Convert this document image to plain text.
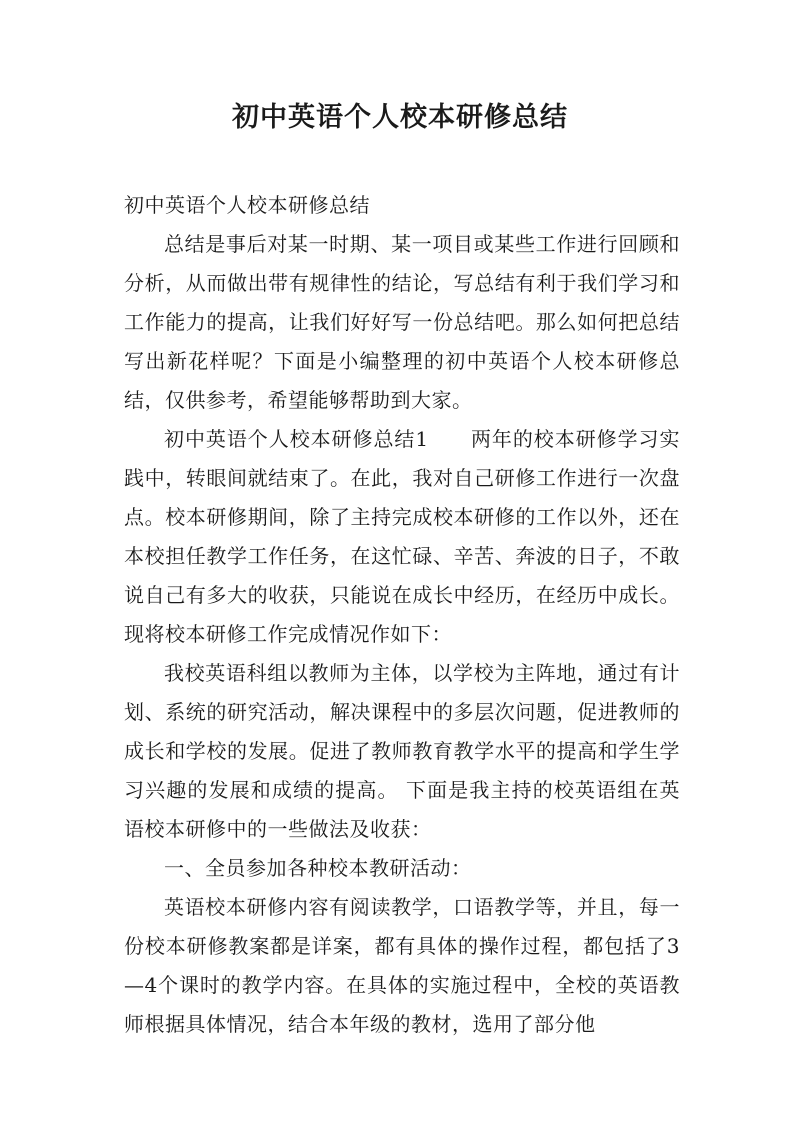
初中英语个人校本研修总结

初中英语个人校本研修总结

总结是事后对某一时期、某一项目或某些工作进行回顾和分析，从而做出带有规律性的结论，写总结有利于我们学习和工作能力的提高，让我们好好写一份总结吧。那么如何把总结写出新花样呢？下面是小编整理的初中英语个人校本研修总结，仅供参考，希望能够帮助到大家。

初中英语个人校本研修总结1　　两年的校本研修学习实践中，转眼间就结束了。在此，我对自己研修工作进行一次盘点。校本研修期间，除了主持完成校本研修的工作以外，还在本校担任教学工作任务，在这忙碌、辛苦、奔波的日子，不敢说自己有多大的收获，只能说在成长中经历，在经历中成长。现将校本研修工作完成情况作如下：

我校英语科组以教师为主体，以学校为主阵地，通过有计划、系统的研究活动，解决课程中的多层次问题，促进教师的成长和学校的发展。促进了教师教育教学水平的提高和学生学习兴趣的发展和成绩的提高。 下面是我主持的校英语组在英语校本研修中的一些做法及收获：

一、全员参加各种校本教研活动：

英语校本研修内容有阅读教学，口语教学等，并且，每一份校本研修教案都是详案，都有具体的操作过程，都包括了3—4个课时的教学内容。在具体的实施过程中，全校的英语教师根据具体情况，结合本年级的教材，选用了部分他
